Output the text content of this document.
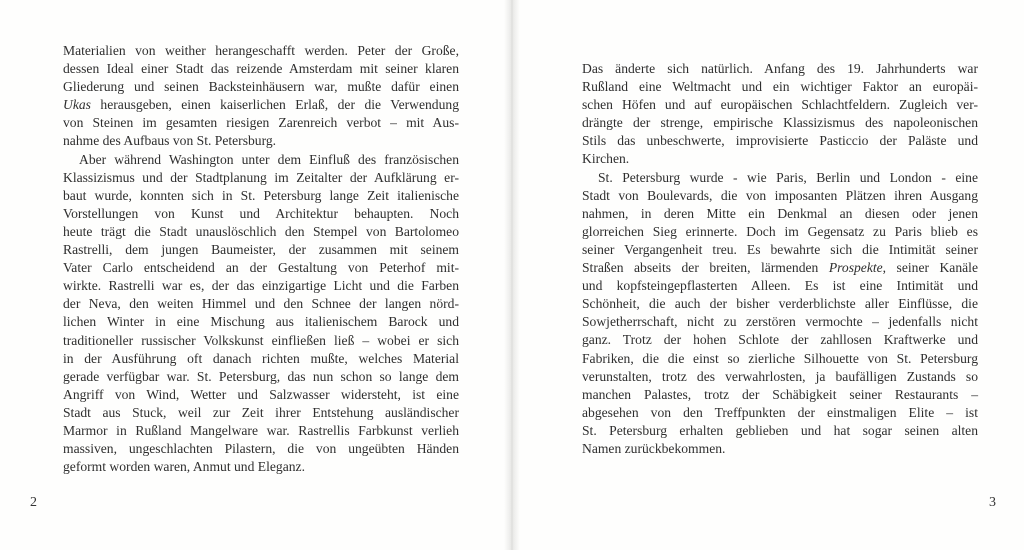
Materialien von weither herangeschafft werden. Peter der Große,
dessen Ideal einer Stadt das reizende Amsterdam mit seiner klaren
Gliederung und seinen Backsteinhäusern war, mußte dafür einen
Ukas herausgeben, einen kaiserlichen Erlaß, der die Verwendung
von Steinen im gesamten riesigen Zarenreich verbot – mit Aus-
nahme des Aufbaus von St. Petersburg.
Aber während Washington unter dem Einfluß des französischen
Klassizismus und der Stadtplanung im Zeitalter der Aufklärung er-
baut wurde, konnten sich in St. Petersburg lange Zeit italienische
Vorstellungen von Kunst und Architektur behaupten. Noch
heute trägt die Stadt unauslöschlich den Stempel von Bartolomeo
Rastrelli, dem jungen Baumeister, der zusammen mit seinem
Vater Carlo entscheidend an der Gestaltung von Peterhof mit-
wirkte. Rastrelli war es, der das einzigartige Licht und die Farben
der Neva, den weiten Himmel und den Schnee der langen nörd-
lichen Winter in eine Mischung aus italienischem Barock und
traditioneller russischer Volkskunst einfließen ließ – wobei er sich
in der Ausführung oft danach richten mußte, welches Material
gerade verfügbar war. St. Petersburg, das nun schon so lange dem
Angriff von Wind, Wetter und Salzwasser widersteht, ist eine
Stadt aus Stuck, weil zur Zeit ihrer Entstehung ausländischer
Marmor in Rußland Mangelware war. Rastrellis Farbkunst verlieh
massiven, ungeschlachten Pilastern, die von ungeübten Händen
geformt worden waren, Anmut und Eleganz.
Das änderte sich natürlich. Anfang des 19. Jahrhunderts war
Rußland eine Weltmacht und ein wichtiger Faktor an europäi-
schen Höfen und auf europäischen Schlachtfeldern. Zugleich ver-
drängte der strenge, empirische Klassizismus des napoleonischen
Stils das unbeschwerte, improvisierte Pasticcio der Paläste und
Kirchen.
St. Petersburg wurde - wie Paris, Berlin und London - eine
Stadt von Boulevards, die von imposanten Plätzen ihren Ausgang
nahmen, in deren Mitte ein Denkmal an diesen oder jenen
glorreichen Sieg erinnerte. Doch im Gegensatz zu Paris blieb es
seiner Vergangenheit treu. Es bewahrte sich die Intimität seiner
Straßen abseits der breiten, lärmenden Prospekte, seiner Kanäle
und kopfsteingepflasterten Alleen. Es ist eine Intimität und
Schönheit, die auch der bisher verderblichste aller Einflüsse, die
Sowjetherrschaft, nicht zu zerstören vermochte – jedenfalls nicht
ganz. Trotz der hohen Schlote der zahllosen Kraftwerke und
Fabriken, die die einst so zierliche Silhouette von St. Petersburg
verunstalten, trotz des verwahrlosten, ja baufälligen Zustands so
manchen Palastes, trotz der Schäbigkeit seiner Restaurants –
abgesehen von den Treffpunkten der einstmaligen Elite – ist
St. Petersburg erhalten geblieben und hat sogar seinen alten
Namen zurückbekommen.
2	3
